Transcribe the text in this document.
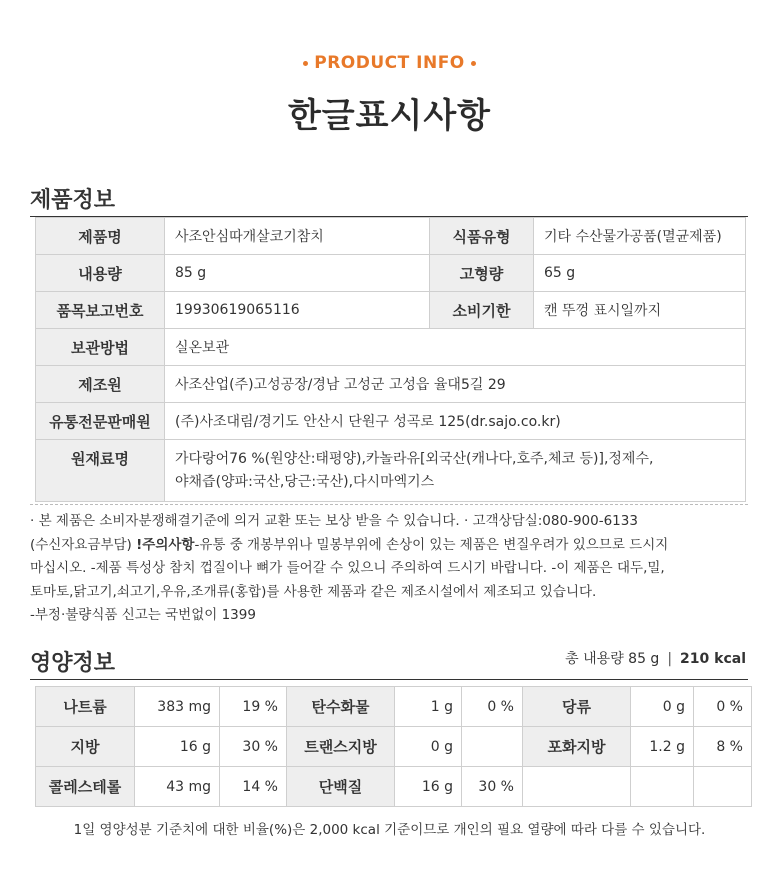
PRODUCT INFO
한글표시사항
제품정보
제품명	사조안심따개살코기참치	식품유형	기타 수산물가공품(멸균제품)
내용량	85 g	고형량	65 g
품목보고번호	19930619065116	소비기한	캔 뚜껑 표시일까지
보관방법	실온보관		
제조원	사조산업(주)고성공장/경남 고성군 고성읍 율대5길 29		
유통전문판매원	(주)사조대림/경기도 안산시 단원구 성곡로 125(dr.sajo.co.kr)		
원재료명	가다랑어76 %(원양산:태평양),카놀라유[외국산(캐나다,호주,체코 등)],정제수,
야채즙(양파:국산,당근:국산),다시마엑기스		
· 본 제품은 소비자분쟁해결기준에 의거 교환 또는 보상 받을 수 있습니다. · 고객상담실:080-900-6133
(수신자요금부담) !주의사항-유통 중 개봉부위나 밀봉부위에 손상이 있는 제품은 변질우려가 있으므로 드시지
마십시오. -제품 특성상 참치 껍질이나 뼈가 들어갈 수 있으니 주의하여 드시기 바랍니다. -이 제품은 대두,밀,
토마토,닭고기,쇠고기,우유,조개류(홍합)를 사용한 제품과 같은 제조시설에서 제조되고 있습니다.
-부정·불량식품 신고는 국번없이 1399
영양정보	총 내용량 85 g | 210 kcal
나트륨	383 mg	19 %	탄수화물	1 g	0 %	당류	0 g	0 %
지방	16 g	30 %	트랜스지방	0 g		포화지방	1.2 g	8 %
콜레스테롤	43 mg	14 %	단백질	16 g	30 %			
1일 영양성분 기준치에 대한 비율(%)은 2,000 kcal 기준이므로 개인의 필요 열량에 따라 다를 수 있습니다.
